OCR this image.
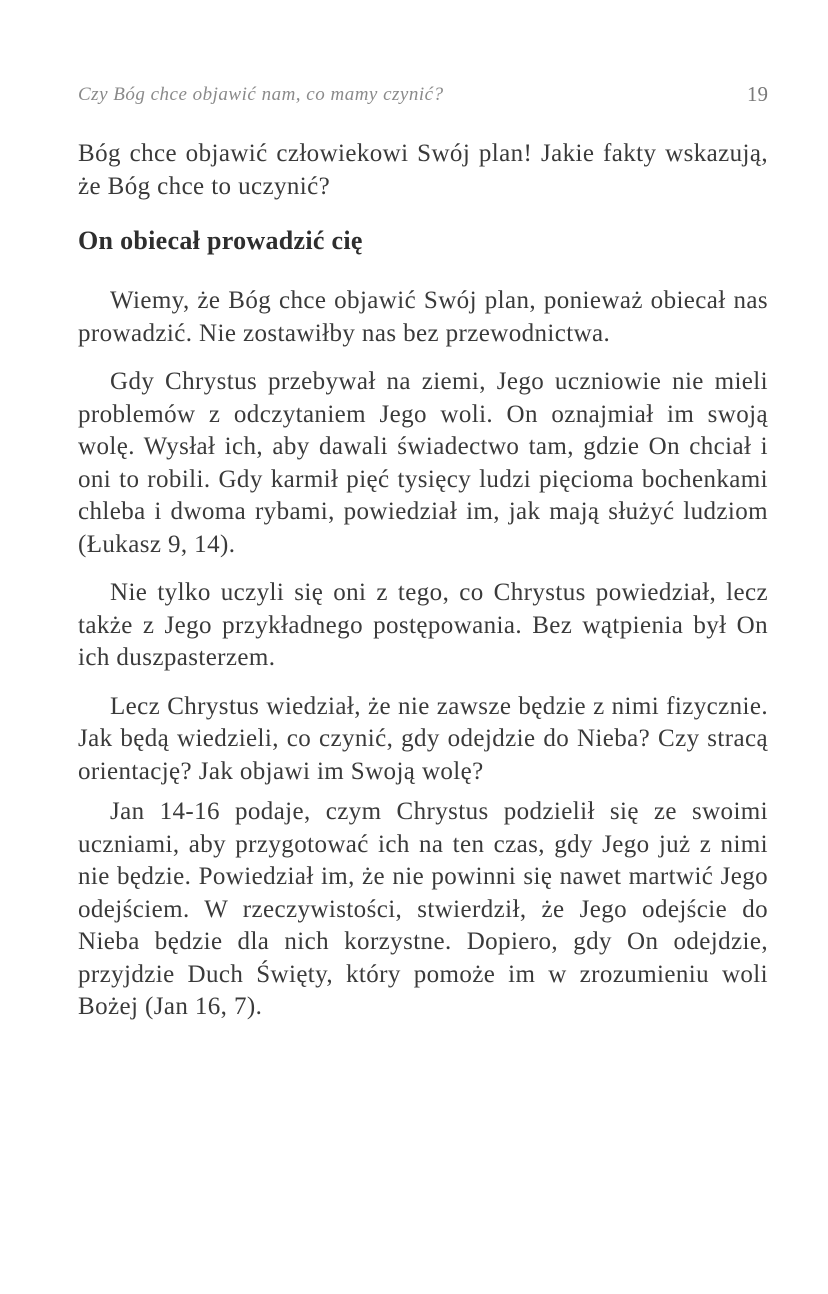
Czy Bóg chce objawić nam, co mamy czynić?	19

Bóg chce objawić człowiekowi Swój plan! Jakie fakty wskazują, że Bóg chce to uczynić?

On obiecał prowadzić cię

Wiemy, że Bóg chce objawić Swój plan, ponieważ obiecał nas prowadzić. Nie zostawiłby nas bez przewodnictwa.

Gdy Chrystus przebywał na ziemi, Jego uczniowie nie mieli problemów z odczytaniem Jego woli. On oznajmiał im swoją wolę. Wysłał ich, aby dawali świadectwo tam, gdzie On chciał i oni to robili. Gdy karmił pięć tysięcy ludzi pięcioma bochenkami chleba i dwoma rybami, powiedział im, jak mają służyć ludziom (Łukasz 9, 14).

Nie tylko uczyli się oni z tego, co Chrystus powiedział, lecz także z Jego przykładnego postępowania. Bez wątpienia był On ich duszpasterzem.

Lecz Chrystus wiedział, że nie zawsze będzie z nimi fizycznie. Jak będą wiedzieli, co czynić, gdy odejdzie do Nieba? Czy stracą orientację? Jak objawi im Swoją wolę?

Jan 14-16 podaje, czym Chrystus podzielił się ze swoimi uczniami, aby przygotować ich na ten czas, gdy Jego już z nimi nie będzie. Powiedział im, że nie powinni się nawet martwić Jego odejściem. W rzeczywistości, stwierdził, że Jego odejście do Nieba będzie dla nich korzystne. Dopiero, gdy On odejdzie, przyjdzie Duch Święty, który pomoże im w zrozumieniu woli Bożej (Jan 16, 7).
